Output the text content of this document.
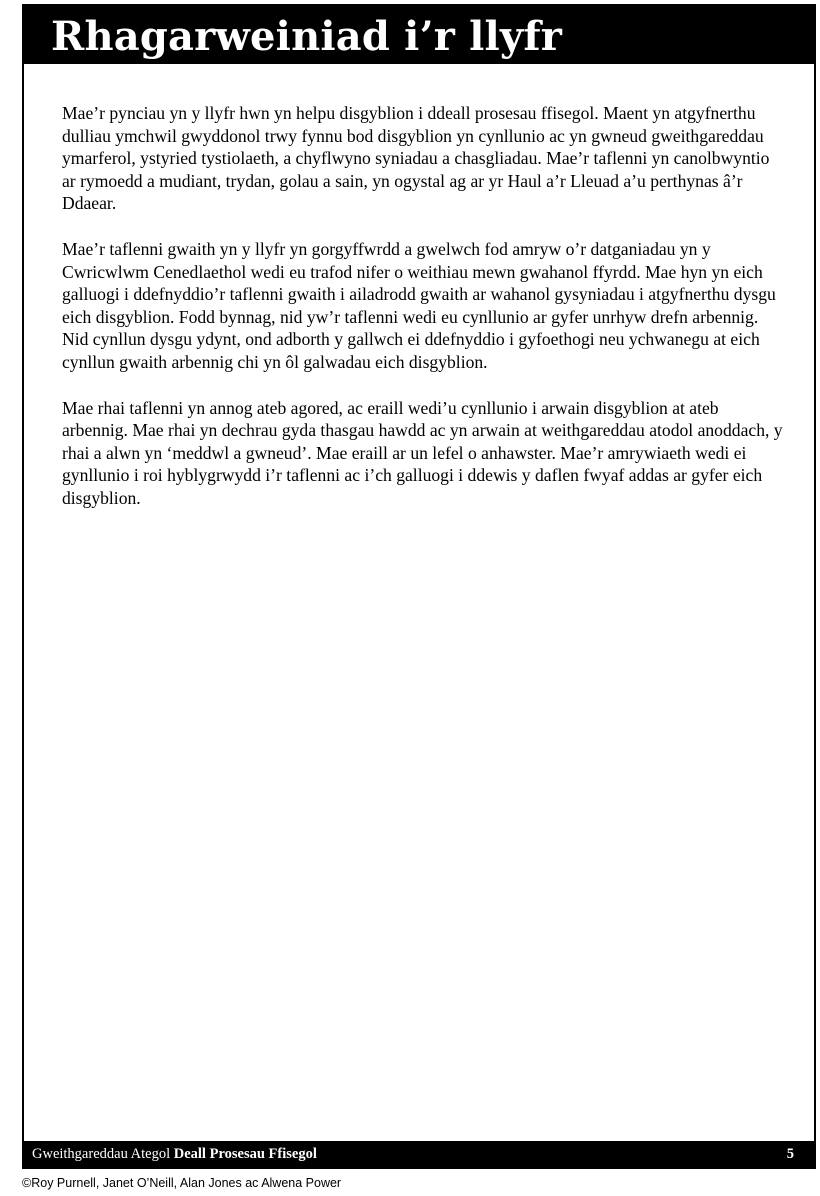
Rhagarweiniad i’r llyfr

Mae’r pynciau yn y llyfr hwn yn helpu disgyblion i ddeall prosesau ffisegol. Maent yn atgyfnerthu dulliau ymchwil gwyddonol trwy fynnu bod disgyblion yn cynllunio ac yn gwneud gweithgareddau ymarferol, ystyried tystiolaeth, a chyflwyno syniadau a chasgliadau. Mae’r taflenni yn canolbwyntio ar rymoedd a mudiant, trydan, golau a sain, yn ogystal ag ar yr Haul a’r Lleuad a’u perthynas â’r Ddaear.

Mae’r taflenni gwaith yn y llyfr yn gorgyffwrdd a gwelwch fod amryw o’r datganiadau yn y Cwricwlwm Cenedlaethol wedi eu trafod nifer o weithiau mewn gwahanol ffyrdd. Mae hyn yn eich galluogi i ddefnyddio’r taflenni gwaith i ailadrodd gwaith ar wahanol gysyniadau i atgyfnerthu dysgu eich disgyblion. Fodd bynnag, nid yw’r taflenni wedi eu cynllunio ar gyfer unrhyw drefn arbennig. Nid cynllun dysgu ydynt, ond adborth y gallwch ei ddefnyddio i gyfoethogi neu ychwanegu at eich cynllun gwaith arbennig chi yn ôl galwadau eich disgyblion.

Mae rhai taflenni yn annog ateb agored, ac eraill wedi’u cynllunio i arwain disgyblion at ateb arbennig. Mae rhai yn dechrau gyda thasgau hawdd ac yn arwain at weithgareddau atodol anoddach, y rhai a alwn yn ‘meddwl a gwneud’. Mae eraill ar un lefel o anhawster. Mae’r amrywiaeth wedi ei gynllunio i roi hyblygrwydd i’r taflenni ac i’ch galluogi i ddewis y daflen fwyaf addas ar gyfer eich disgyblion.

Gweithgareddau Ategol Deall Prosesau Ffisegol	5
©Roy Purnell, Janet O’Neill, Alan Jones ac Alwena Power
